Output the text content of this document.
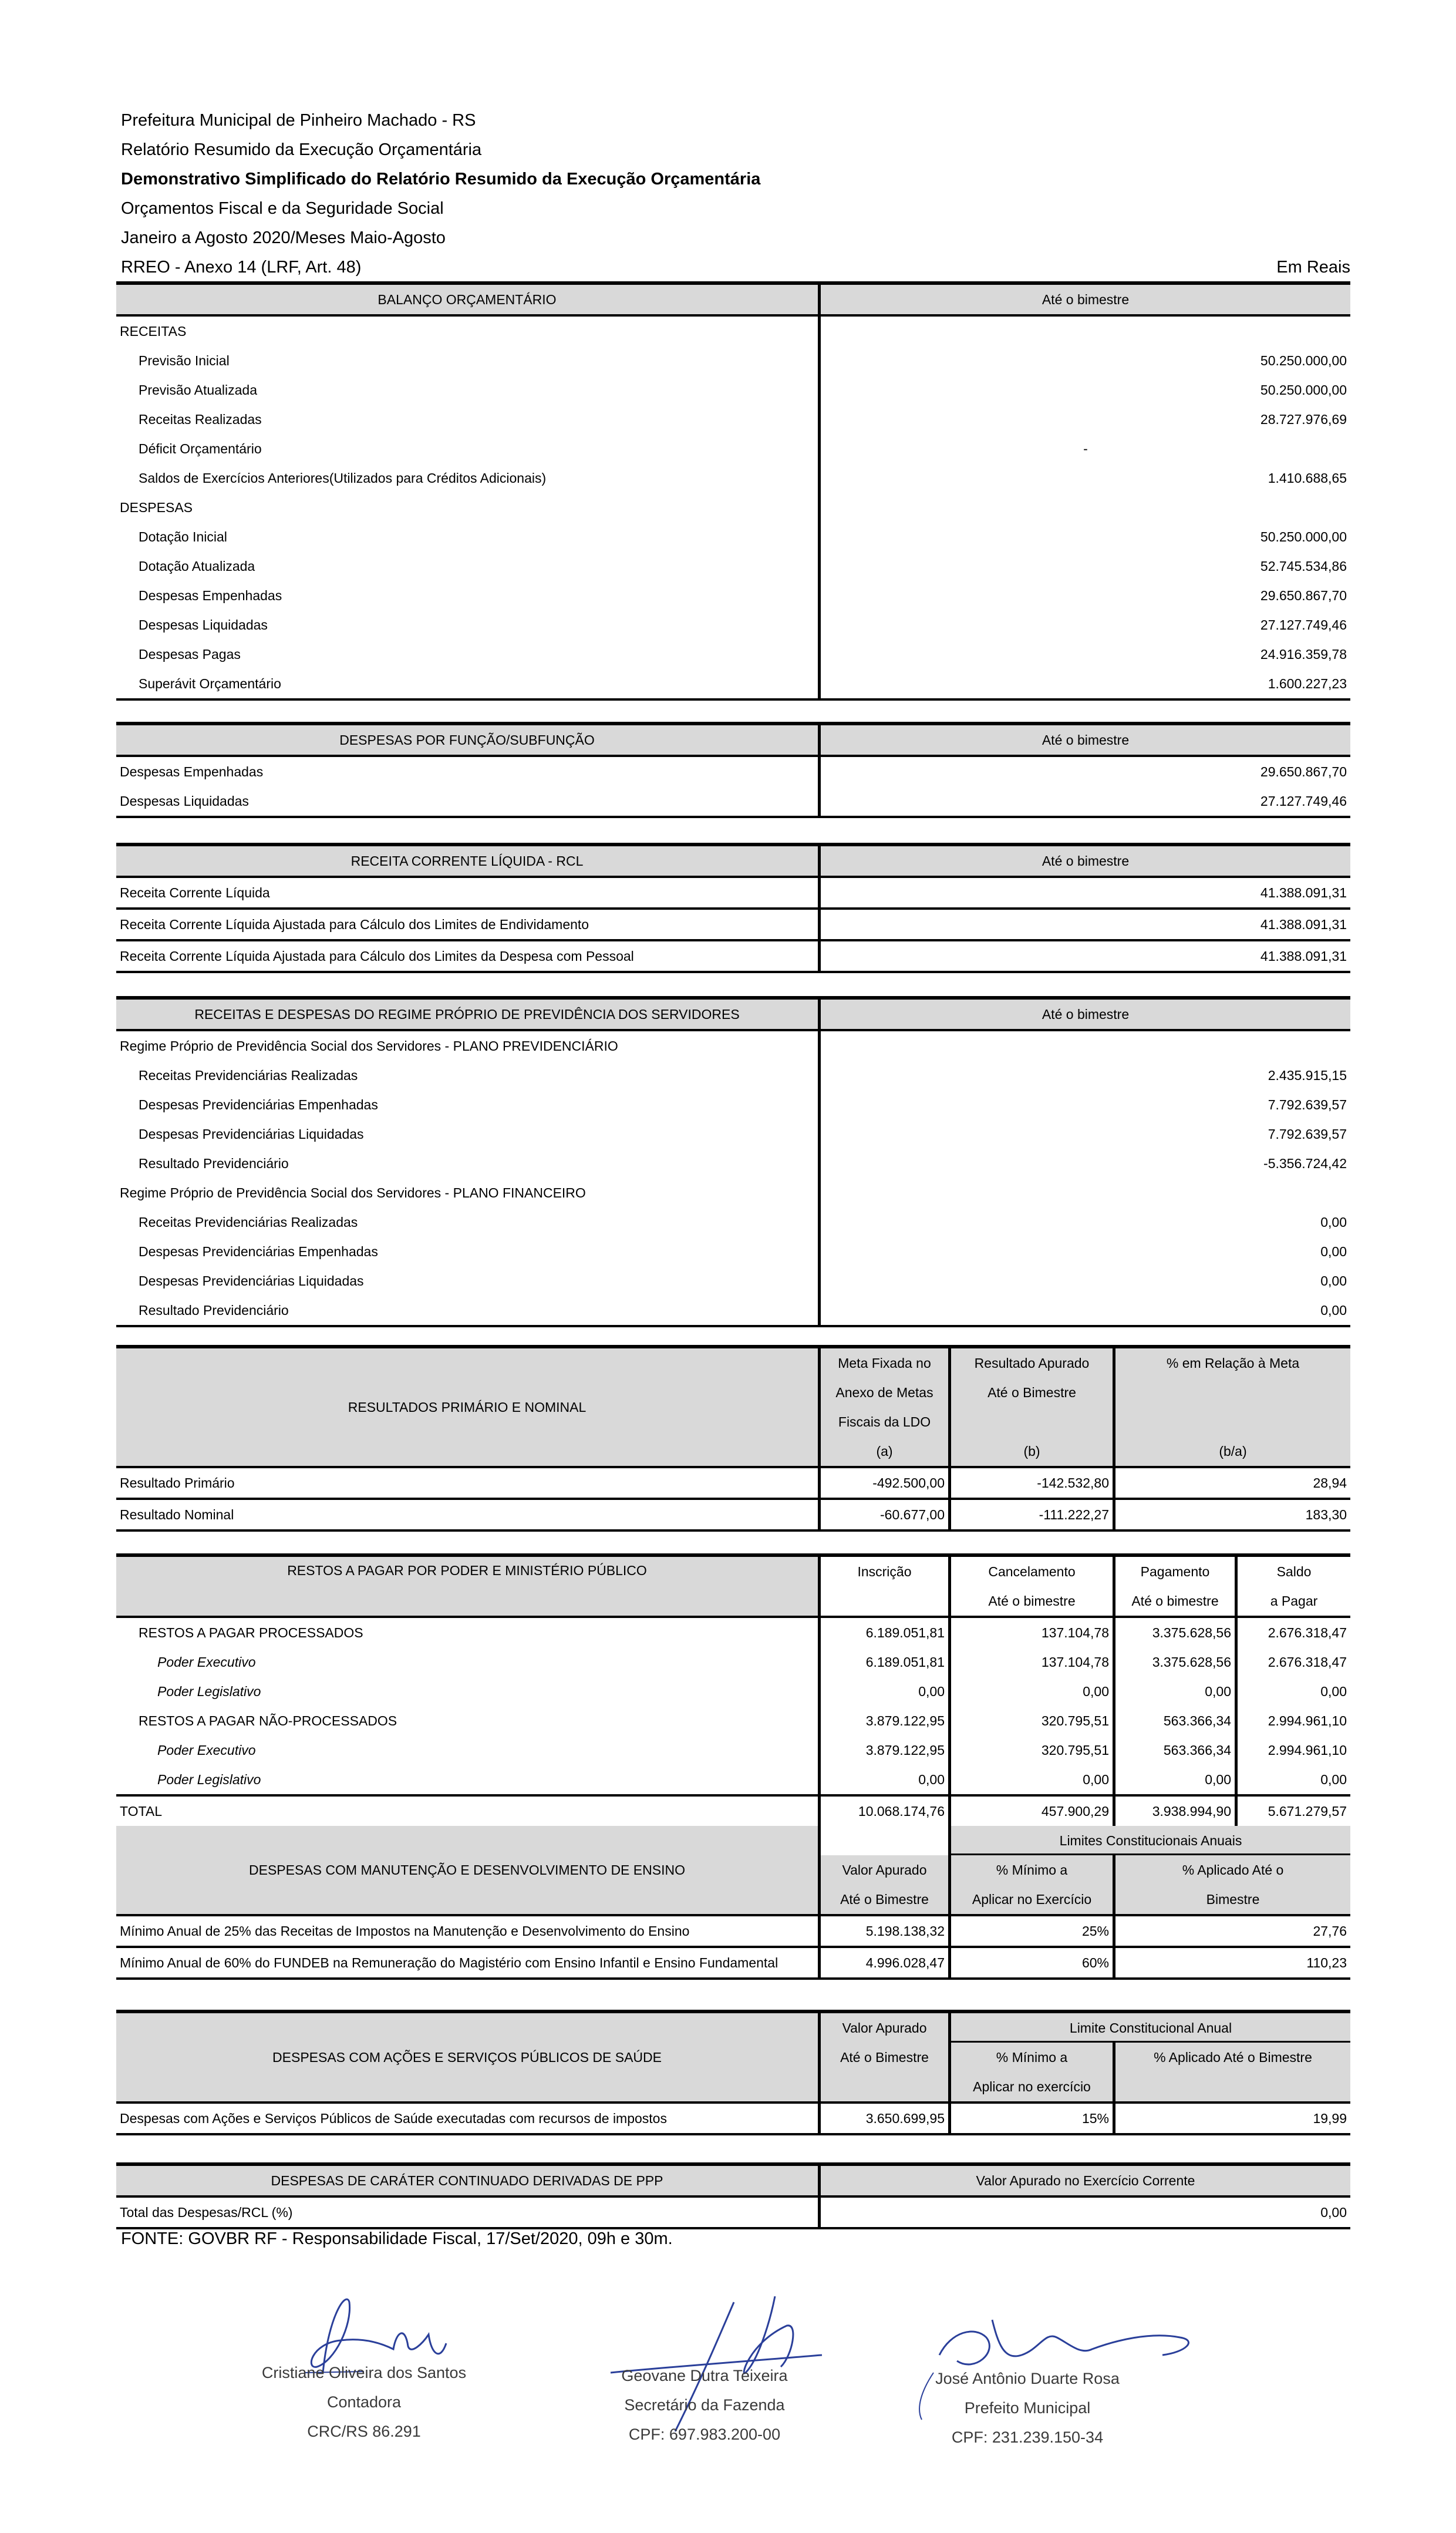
Prefeitura Municipal de Pinheiro Machado - RS
Relatório Resumido da Execução Orçamentária
Demonstrativo Simplificado do Relatório Resumido da Execução Orçamentária
Orçamentos Fiscal e da Seguridade Social
Janeiro a Agosto 2020/Meses Maio-Agosto
RREO - Anexo 14 (LRF, Art. 48)	Em Reais
BALANÇO ORÇAMENTÁRIO	Até o bimestre
RECEITAS
Previsão Inicial	50.250.000,00
Previsão Atualizada	50.250.000,00
Receitas Realizadas	28.727.976,69
Déficit Orçamentário	-
Saldos de Exercícios Anteriores(Utilizados para Créditos Adicionais)	1.410.688,65
DESPESAS
Dotação Inicial	50.250.000,00
Dotação Atualizada	52.745.534,86
Despesas Empenhadas	29.650.867,70
Despesas Liquidadas	27.127.749,46
Despesas Pagas	24.916.359,78
Superávit Orçamentário	1.600.227,23
DESPESAS POR FUNÇÃO/SUBFUNÇÃO	Até o bimestre
Despesas Empenhadas	29.650.867,70
Despesas Liquidadas	27.127.749,46
RECEITA CORRENTE LÍQUIDA - RCL	Até o bimestre
Receita Corrente Líquida	41.388.091,31
Receita Corrente Líquida Ajustada para Cálculo dos Limites de Endividamento	41.388.091,31
Receita Corrente Líquida Ajustada para Cálculo dos Limites da Despesa com Pessoal	41.388.091,31
RECEITAS E DESPESAS DO REGIME PRÓPRIO DE PREVIDÊNCIA DOS SERVIDORES	Até o bimestre
Regime Próprio de Previdência Social dos Servidores - PLANO PREVIDENCIÁRIO
Receitas Previdenciárias Realizadas	2.435.915,15
Despesas Previdenciárias Empenhadas	7.792.639,57
Despesas Previdenciárias Liquidadas	7.792.639,57
Resultado Previdenciário	-5.356.724,42
Regime Próprio de Previdência Social dos Servidores - PLANO FINANCEIRO
Receitas Previdenciárias Realizadas	0,00
Despesas Previdenciárias Empenhadas	0,00
Despesas Previdenciárias Liquidadas	0,00
Resultado Previdenciário	0,00
RESULTADOS PRIMÁRIO E NOMINAL
Meta Fixada no
Anexo de Metas
Fiscais da LDO
(a)
Resultado Apurado
Até o Bimestre
(b)
% em Relação à Meta
(b/a)
Resultado Primário	-492.500,00	-142.532,80	28,94
Resultado Nominal	-60.677,00	-111.222,27	183,30
RESTOS A PAGAR POR PODER E MINISTÉRIO PÚBLICO	Inscrição	Cancelamento
Até o bimestre
Pagamento
Até o bimestre
Saldo
a Pagar
RESTOS A PAGAR PROCESSADOS	6.189.051,81	137.104,78	3.375.628,56	2.676.318,47
Poder Executivo	6.189.051,81	137.104,78	3.375.628,56	2.676.318,47
Poder Legislativo	0,00	0,00	0,00	0,00
RESTOS A PAGAR NÃO-PROCESSADOS	3.879.122,95	320.795,51	563.366,34	2.994.961,10
Poder Executivo	3.879.122,95	320.795,51	563.366,34	2.994.961,10
Poder Legislativo	0,00	0,00	0,00	0,00
TOTAL	10.068.174,76	457.900,29	3.938.994,90	5.671.279,57
DESPESAS COM MANUTENÇÃO E DESENVOLVIMENTO DE ENSINO
Limites Constitucionais Anuais
Valor Apurado
Até o Bimestre
% Mínimo a
Aplicar no Exercício
% Aplicado Até o
Bimestre
Mínimo Anual de 25% das Receitas de Impostos na Manutenção e Desenvolvimento do Ensino	5.198.138,32	25%	27,76
Mínimo Anual de 60% do FUNDEB na Remuneração do Magistério com Ensino Infantil e Ensino Fundamental	4.996.028,47	60%	110,23
DESPESAS COM AÇÕES E SERVIÇOS PÚBLICOS DE SAÚDE
Valor Apurado
Até o Bimestre
Limite Constitucional Anual
% Mínimo a
Aplicar no exercício
% Aplicado Até o Bimestre
Despesas com Ações e Serviços Públicos de Saúde executadas com recursos de impostos	3.650.699,95	15%	19,99
DESPESAS DE CARÁTER CONTINUADO DERIVADAS DE PPP	Valor Apurado no Exercício Corrente
Total das Despesas/RCL (%)	0,00
FONTE: GOVBR RF - Responsabilidade Fiscal, 17/Set/2020, 09h e 30m.
Cristiane Oliveira dos Santos
Contadora
CRC/RS 86.291
Geovane Dutra Teixeira
Secretário da Fazenda
CPF: 697.983.200-00
José Antônio Duarte Rosa
Prefeito Municipal
CPF: 231.239.150-34
